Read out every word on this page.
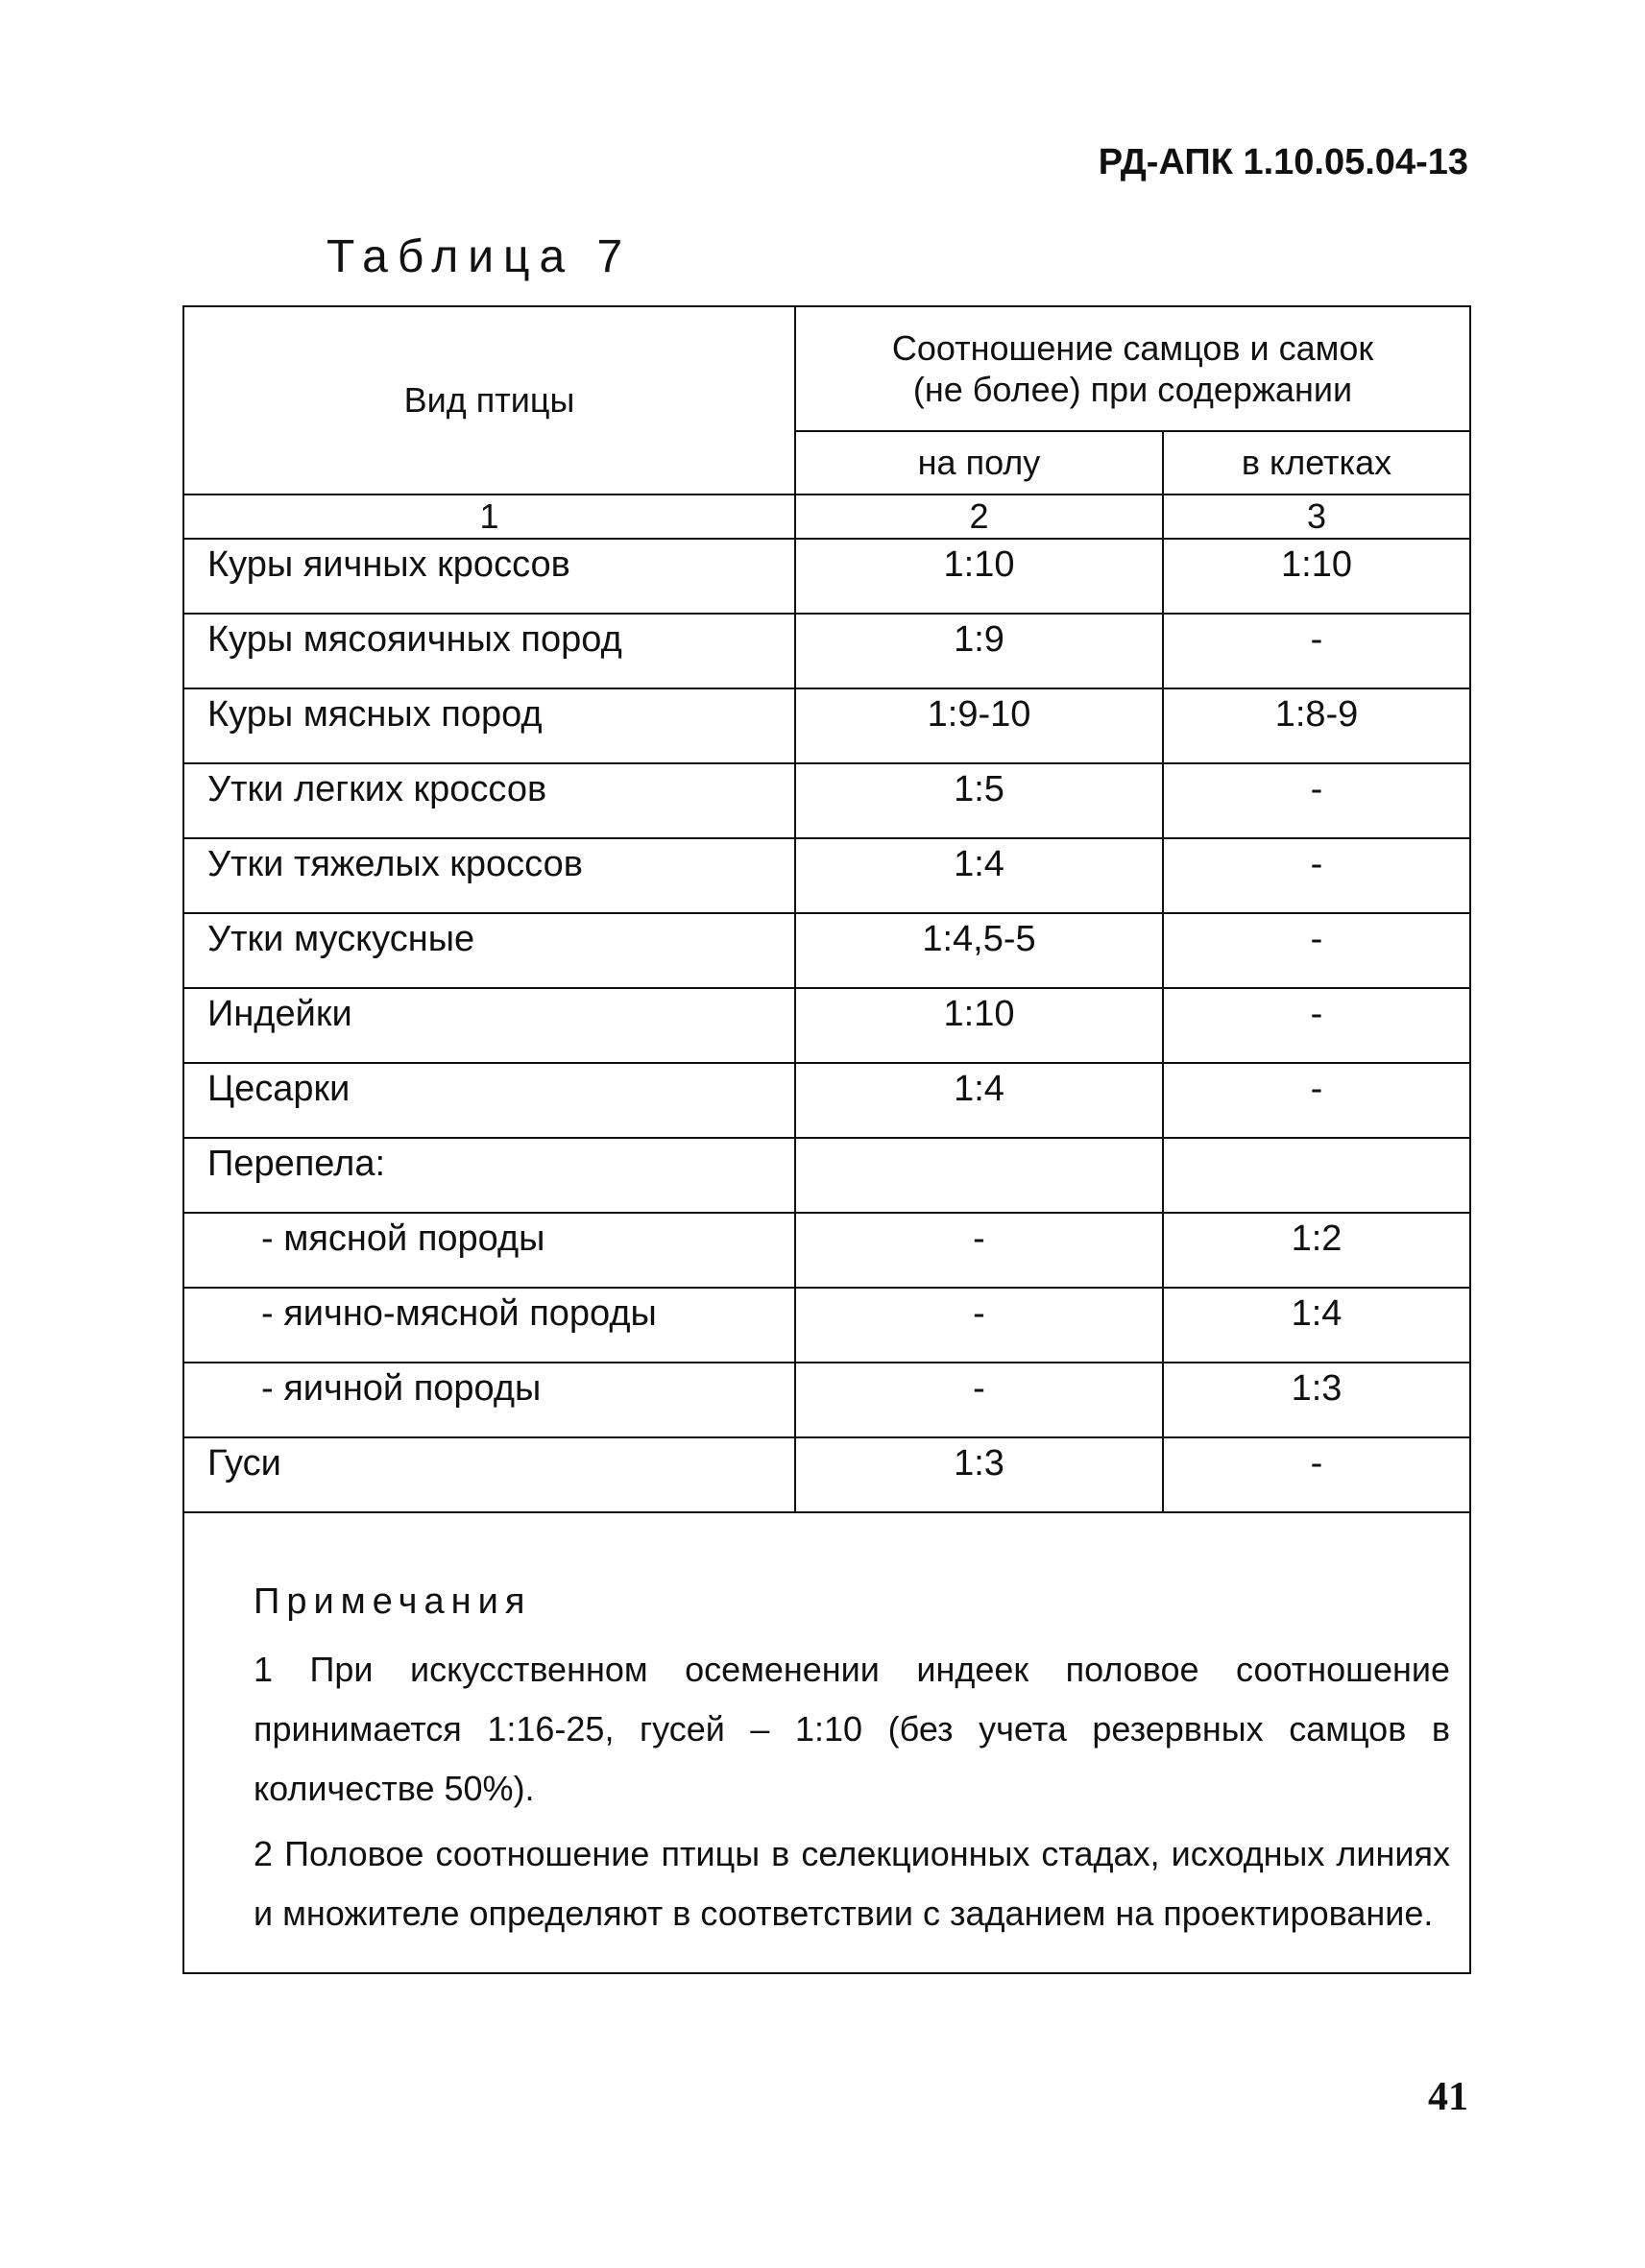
РД-АПК 1.10.05.04-13
Таблица 7
Вид птицы	Соотношение самцов и самок
(не более) при содержании	

	на полу	в клетках
1	2	3
Куры яичных кроссов	1:10	1:10
Куры мясояичных пород	1:9	-
Куры мясных пород	1:9-10	1:8-9
Утки легких кроссов	1:5	-
Утки тяжелых кроссов	1:4	-
Утки мускусные	1:4,5-5	-
Индейки	1:10	-
Цесарки	1:4	-
Перепела:		
- мясной породы	-	1:2
- яично-мясной породы	-	1:4
- яичной породы	-	1:3
Гуси	1:3	-

Примечания

1 При искусственном осеменении индеек половое соотношение принимается 1:16-25, гусей – 1:10 (без учета резервных самцов в количестве 50%).

2 Половое соотношение птицы в селекционных стадах, исходных линиях и множителе определяют в соответствии с заданием на проектирование.		

41
